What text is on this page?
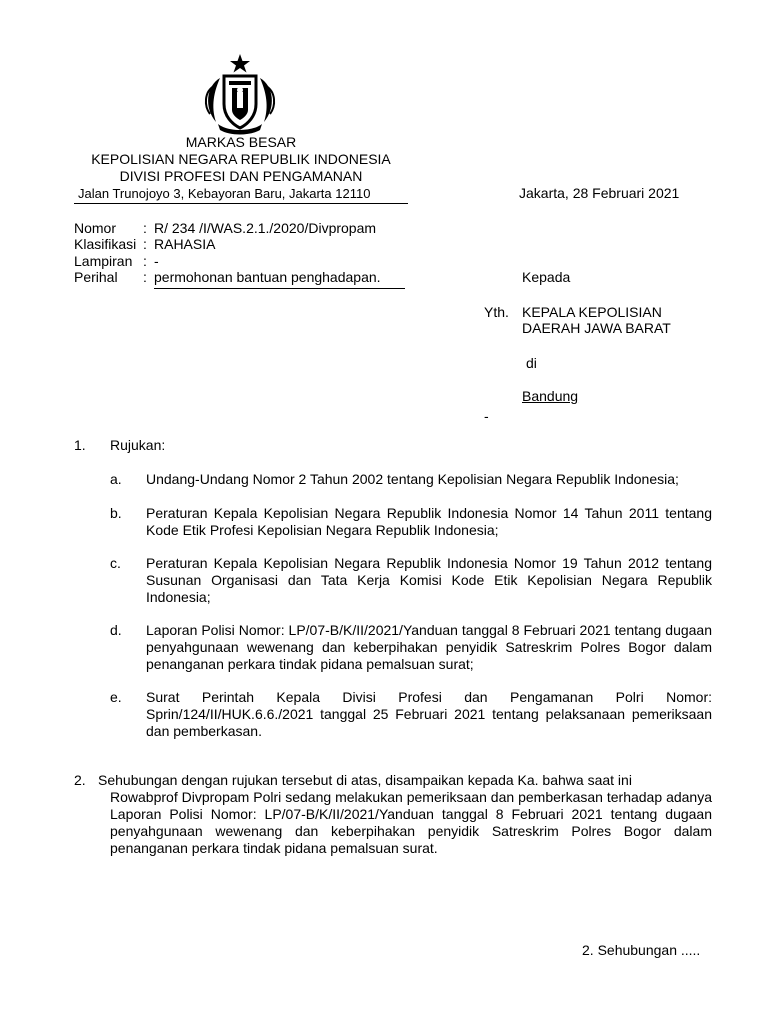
MARKAS BESAR
KEPOLISIAN NEGARA REPUBLIK INDONESIA
DIVISI PROFESI DAN PENGAMANAN
Jalan Trunojoyo 3, Kebayoran Baru, Jakarta 12110	Jakarta, 28 Februari 2021
Nomor : R/ 234 /I/WAS.2.1./2020/Divpropam
Klasifikasi : RAHASIA
Lampiran : -
Perihal : permohonan bantuan penghadapan.	Kepada
Yth. KEPALA KEPOLISIAN
DAERAH JAWA BARAT
di
Bandung
-
1. Rujukan:
a. Undang-Undang Nomor 2 Tahun 2002 tentang Kepolisian Negara Republik Indonesia;
b. Peraturan Kepala Kepolisian Negara Republik Indonesia Nomor 14 Tahun 2011 tentang Kode Etik Profesi Kepolisian Negara Republik Indonesia;
c. Peraturan Kepala Kepolisian Negara Republik Indonesia Nomor 19 Tahun 2012 tentang Susunan Organisasi dan Tata Kerja Komisi Kode Etik Kepolisian Negara Republik Indonesia;
d. Laporan Polisi Nomor: LP/07-B/K/II/2021/Yanduan tanggal 8 Februari 2021 tentang dugaan penyahgunaan wewenang dan keberpihakan penyidik Satreskrim Polres Bogor dalam penanganan perkara tindak pidana pemalsuan surat;
e. Surat Perintah Kepala Divisi Profesi dan Pengamanan Polri Nomor: Sprin/124/II/HUK.6.6./2021 tanggal 25 Februari 2021 tentang pelaksanaan pemeriksaan dan pemberkasan.
2. Sehubungan dengan rujukan tersebut di atas, disampaikan kepada Ka. bahwa saat ini
Rowabprof Divpropam Polri sedang melakukan pemeriksaan dan pemberkasan terhadap adanya Laporan Polisi Nomor: LP/07-B/K/II/2021/Yanduan tanggal 8 Februari 2021 tentang dugaan penyahgunaan wewenang dan keberpihakan penyidik Satreskrim Polres Bogor dalam penanganan perkara tindak pidana pemalsuan surat.
2. Sehubungan .....
